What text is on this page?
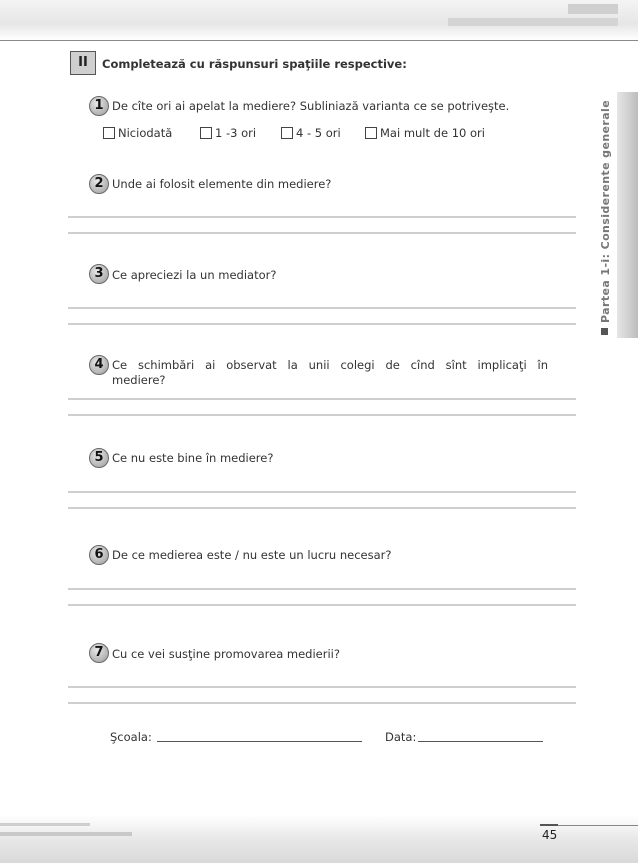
Partea 1-i: Considerente generale
II	Completează cu răspunsuri spaţiile respective:
1 De cîte ori ai apelat la mediere? Subliniază varianta ce se potriveşte.
Niciodată	1 -3 ori	4 - 5 ori	Mai mult de 10 ori
2 Unde ai folosit elemente din mediere?
3 Ce apreciezi la un mediator?
4 Ce schimbări ai observat la unii colegi de cînd sînt implicaţi în
mediere?
5 Ce nu este bine în mediere?
6 De ce medierea este / nu este un lucru necesar?
7 Cu ce vei susţine promovarea medierii?
Şcoala:	Data:
45
